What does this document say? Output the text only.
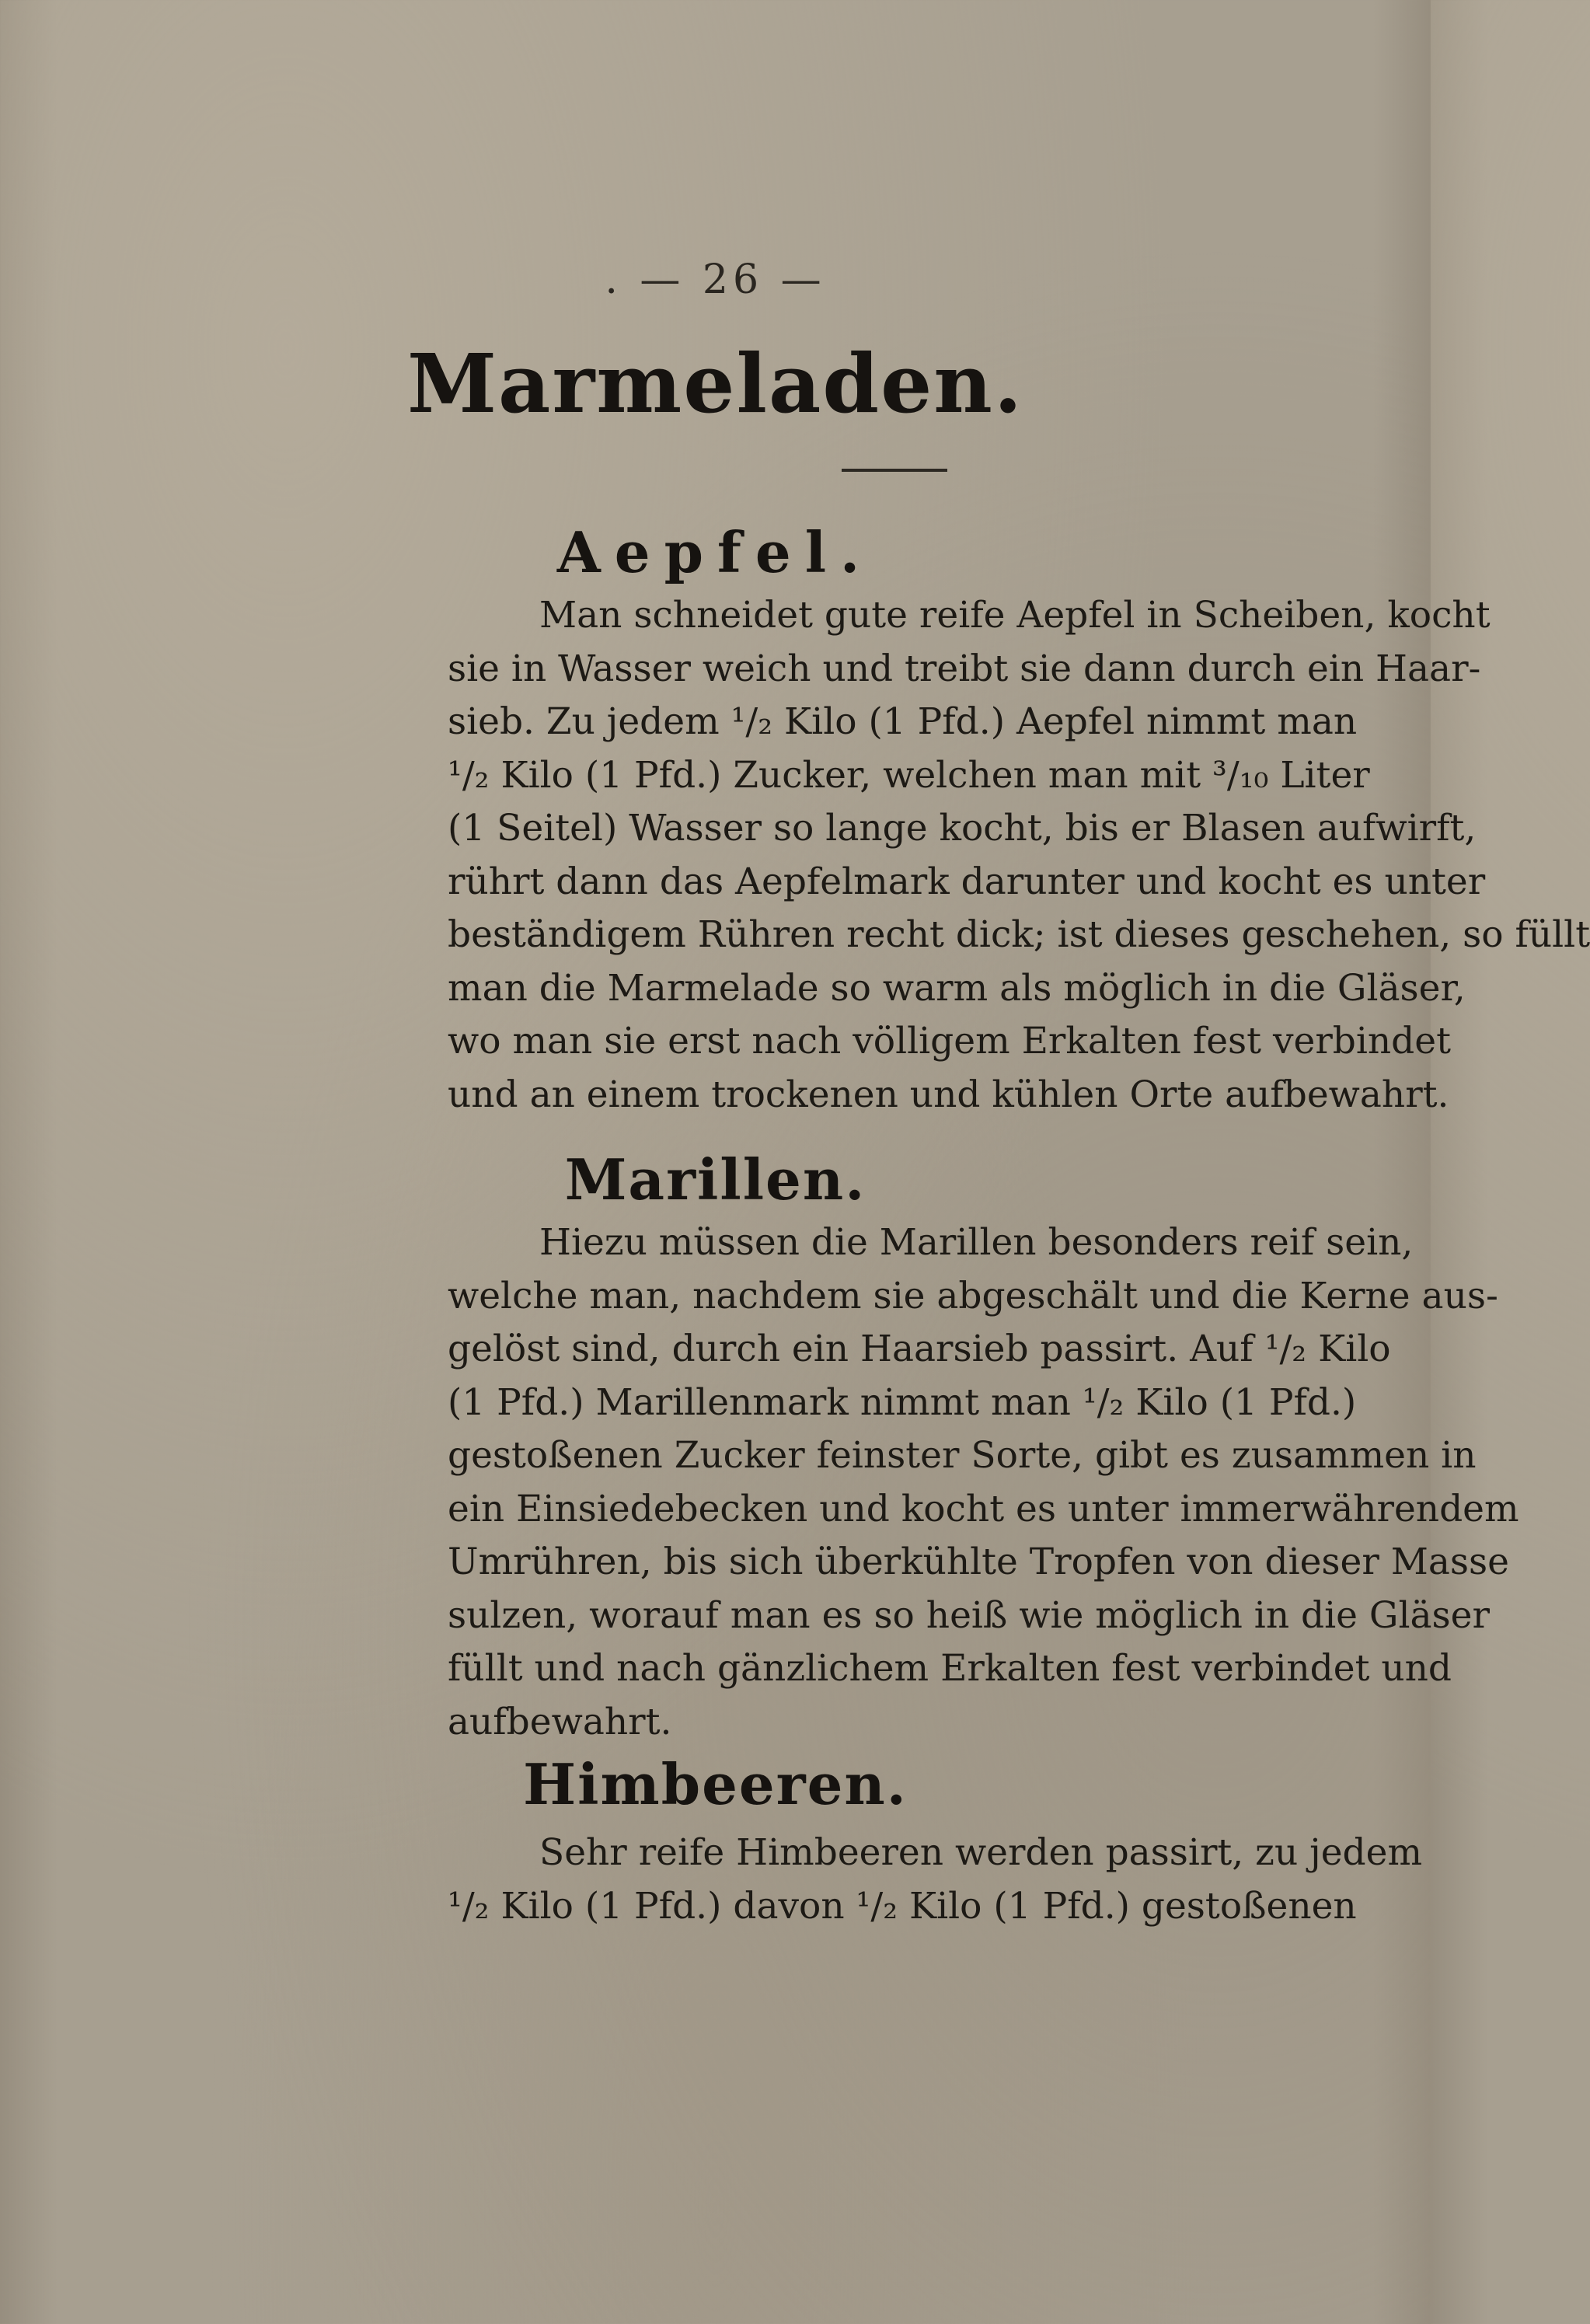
. — 26 —
Marmeladen.
Aepfel.
Man schneidet gute reife Aepfel in Scheiben, kocht
sie in Wasser weich und treibt sie dann durch ein Haar-
sieb. Zu jedem ¹/₂ Kilo (1 Pfd.) Aepfel nimmt man
¹/₂ Kilo (1 Pfd.) Zucker, welchen man mit ³/₁₀ Liter
(1 Seitel) Wasser so lange kocht, bis er Blasen aufwirft,
rührt dann das Aepfelmark darunter und kocht es unter
beständigem Rühren recht dick; ist dieses geschehen, so füllt
man die Marmelade so warm als möglich in die Gläser,
wo man sie erst nach völligem Erkalten fest verbindet
und an einem trockenen und kühlen Orte aufbewahrt.
Marillen.
Hiezu müssen die Marillen besonders reif sein,
welche man, nachdem sie abgeschält und die Kerne aus-
gelöst sind, durch ein Haarsieb passirt. Auf ¹/₂ Kilo
(1 Pfd.) Marillenmark nimmt man ¹/₂ Kilo (1 Pfd.)
gestoßenen Zucker feinster Sorte, gibt es zusammen in
ein Einsiedebecken und kocht es unter immerwährendem
Umrühren, bis sich überkühlte Tropfen von dieser Masse
sulzen, worauf man es so heiß wie möglich in die Gläser
füllt und nach gänzlichem Erkalten fest verbindet und
aufbewahrt.
Himbeeren.
Sehr reife Himbeeren werden passirt, zu jedem
¹/₂ Kilo (1 Pfd.) davon ¹/₂ Kilo (1 Pfd.) gestoßenen
